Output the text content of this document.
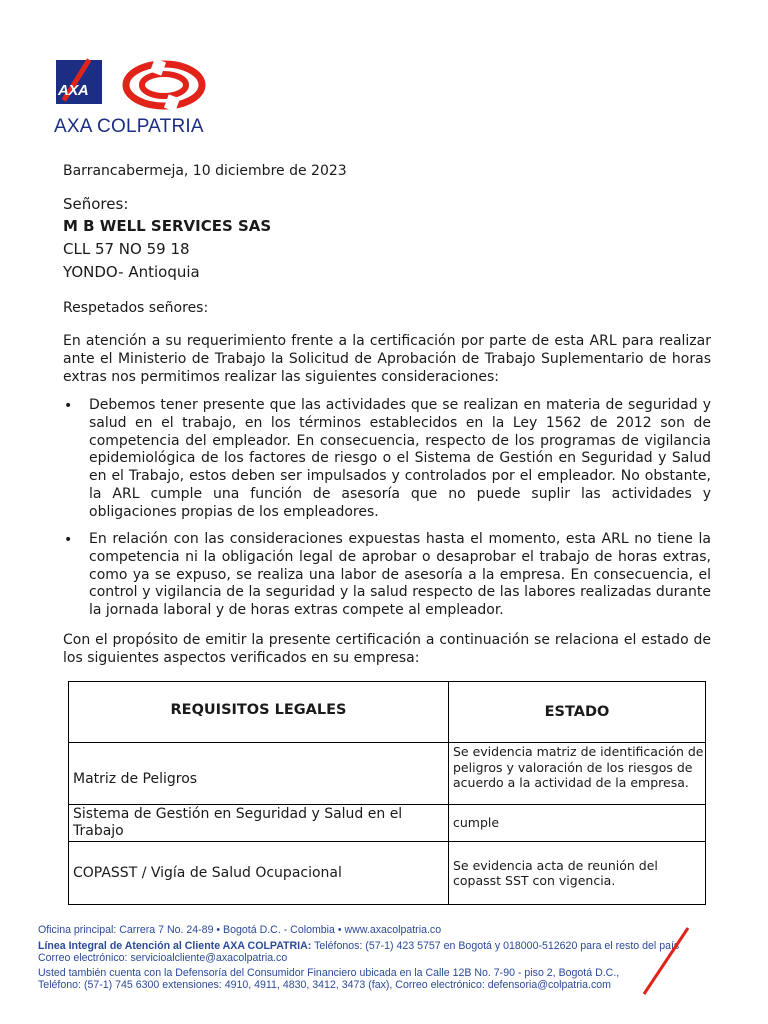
AXA
AXA COLPATRIA
Barrancabermeja, 10 diciembre de 2023
Señores:
M B WELL SERVICES SAS
CLL 57 NO 59 18
YONDO- Antioquia
Respetados señores:
En atención a su requerimiento frente a la certificación por parte de esta ARL para realizar ante el Ministerio de Trabajo la Solicitud de Aprobación de Trabajo Suplementario de horas extras nos permitimos realizar las siguientes consideraciones:
• Debemos tener presente que las actividades que se realizan en materia de seguridad y salud en el trabajo, en los términos establecidos en la Ley 1562 de 2012 son de competencia del empleador. En consecuencia, respecto de los programas de vigilancia epidemiológica de los factores de riesgo o el Sistema de Gestión en Seguridad y Salud en el Trabajo, estos deben ser impulsados y controlados por el empleador. No obstante, la ARL cumple una función de asesoría que no puede suplir las actividades y obligaciones propias de los empleadores.
• En relación con las consideraciones expuestas hasta el momento, esta ARL no tiene la competencia ni la obligación legal de aprobar o desaprobar el trabajo de horas extras, como ya se expuso, se realiza una labor de asesoría a la empresa. En consecuencia, el control y vigilancia de la seguridad y la salud respecto de las labores realizadas durante la jornada laboral y de horas extras compete al empleador.
Con el propósito de emitir la presente certificación a continuación se relaciona el estado de los siguientes aspectos verificados en su empresa:
REQUISITOS LEGALES	ESTADO
Matriz de Peligros	Se evidencia matriz de identificación de peligros y valoración de los riesgos de acuerdo a la actividad de la empresa.
Sistema de Gestión en Seguridad y Salud en el Trabajo	cumple
COPASST / Vigía de Salud Ocupacional	Se evidencia acta de reunión del copasst SST con vigencia.
Oficina principal: Carrera 7 No. 24-89 • Bogotá D.C. - Colombia • www.axacolpatria.co
Línea Integral de Atención al Cliente AXA COLPATRIA: Teléfonos: (57-1) 423 5757 en Bogotá y 018000-512620 para el resto del país
Correo electrónico: servicioalcliente@axacolpatria.co
Usted también cuenta con la Defensoría del Consumidor Financiero ubicada en la Calle 12B No. 7-90 - piso 2, Bogotá D.C.,
Teléfono: (57-1) 745 6300 extensiones: 4910, 4911, 4830, 3412, 3473 (fax), Correo electrónico: defensoria@colpatria.com
